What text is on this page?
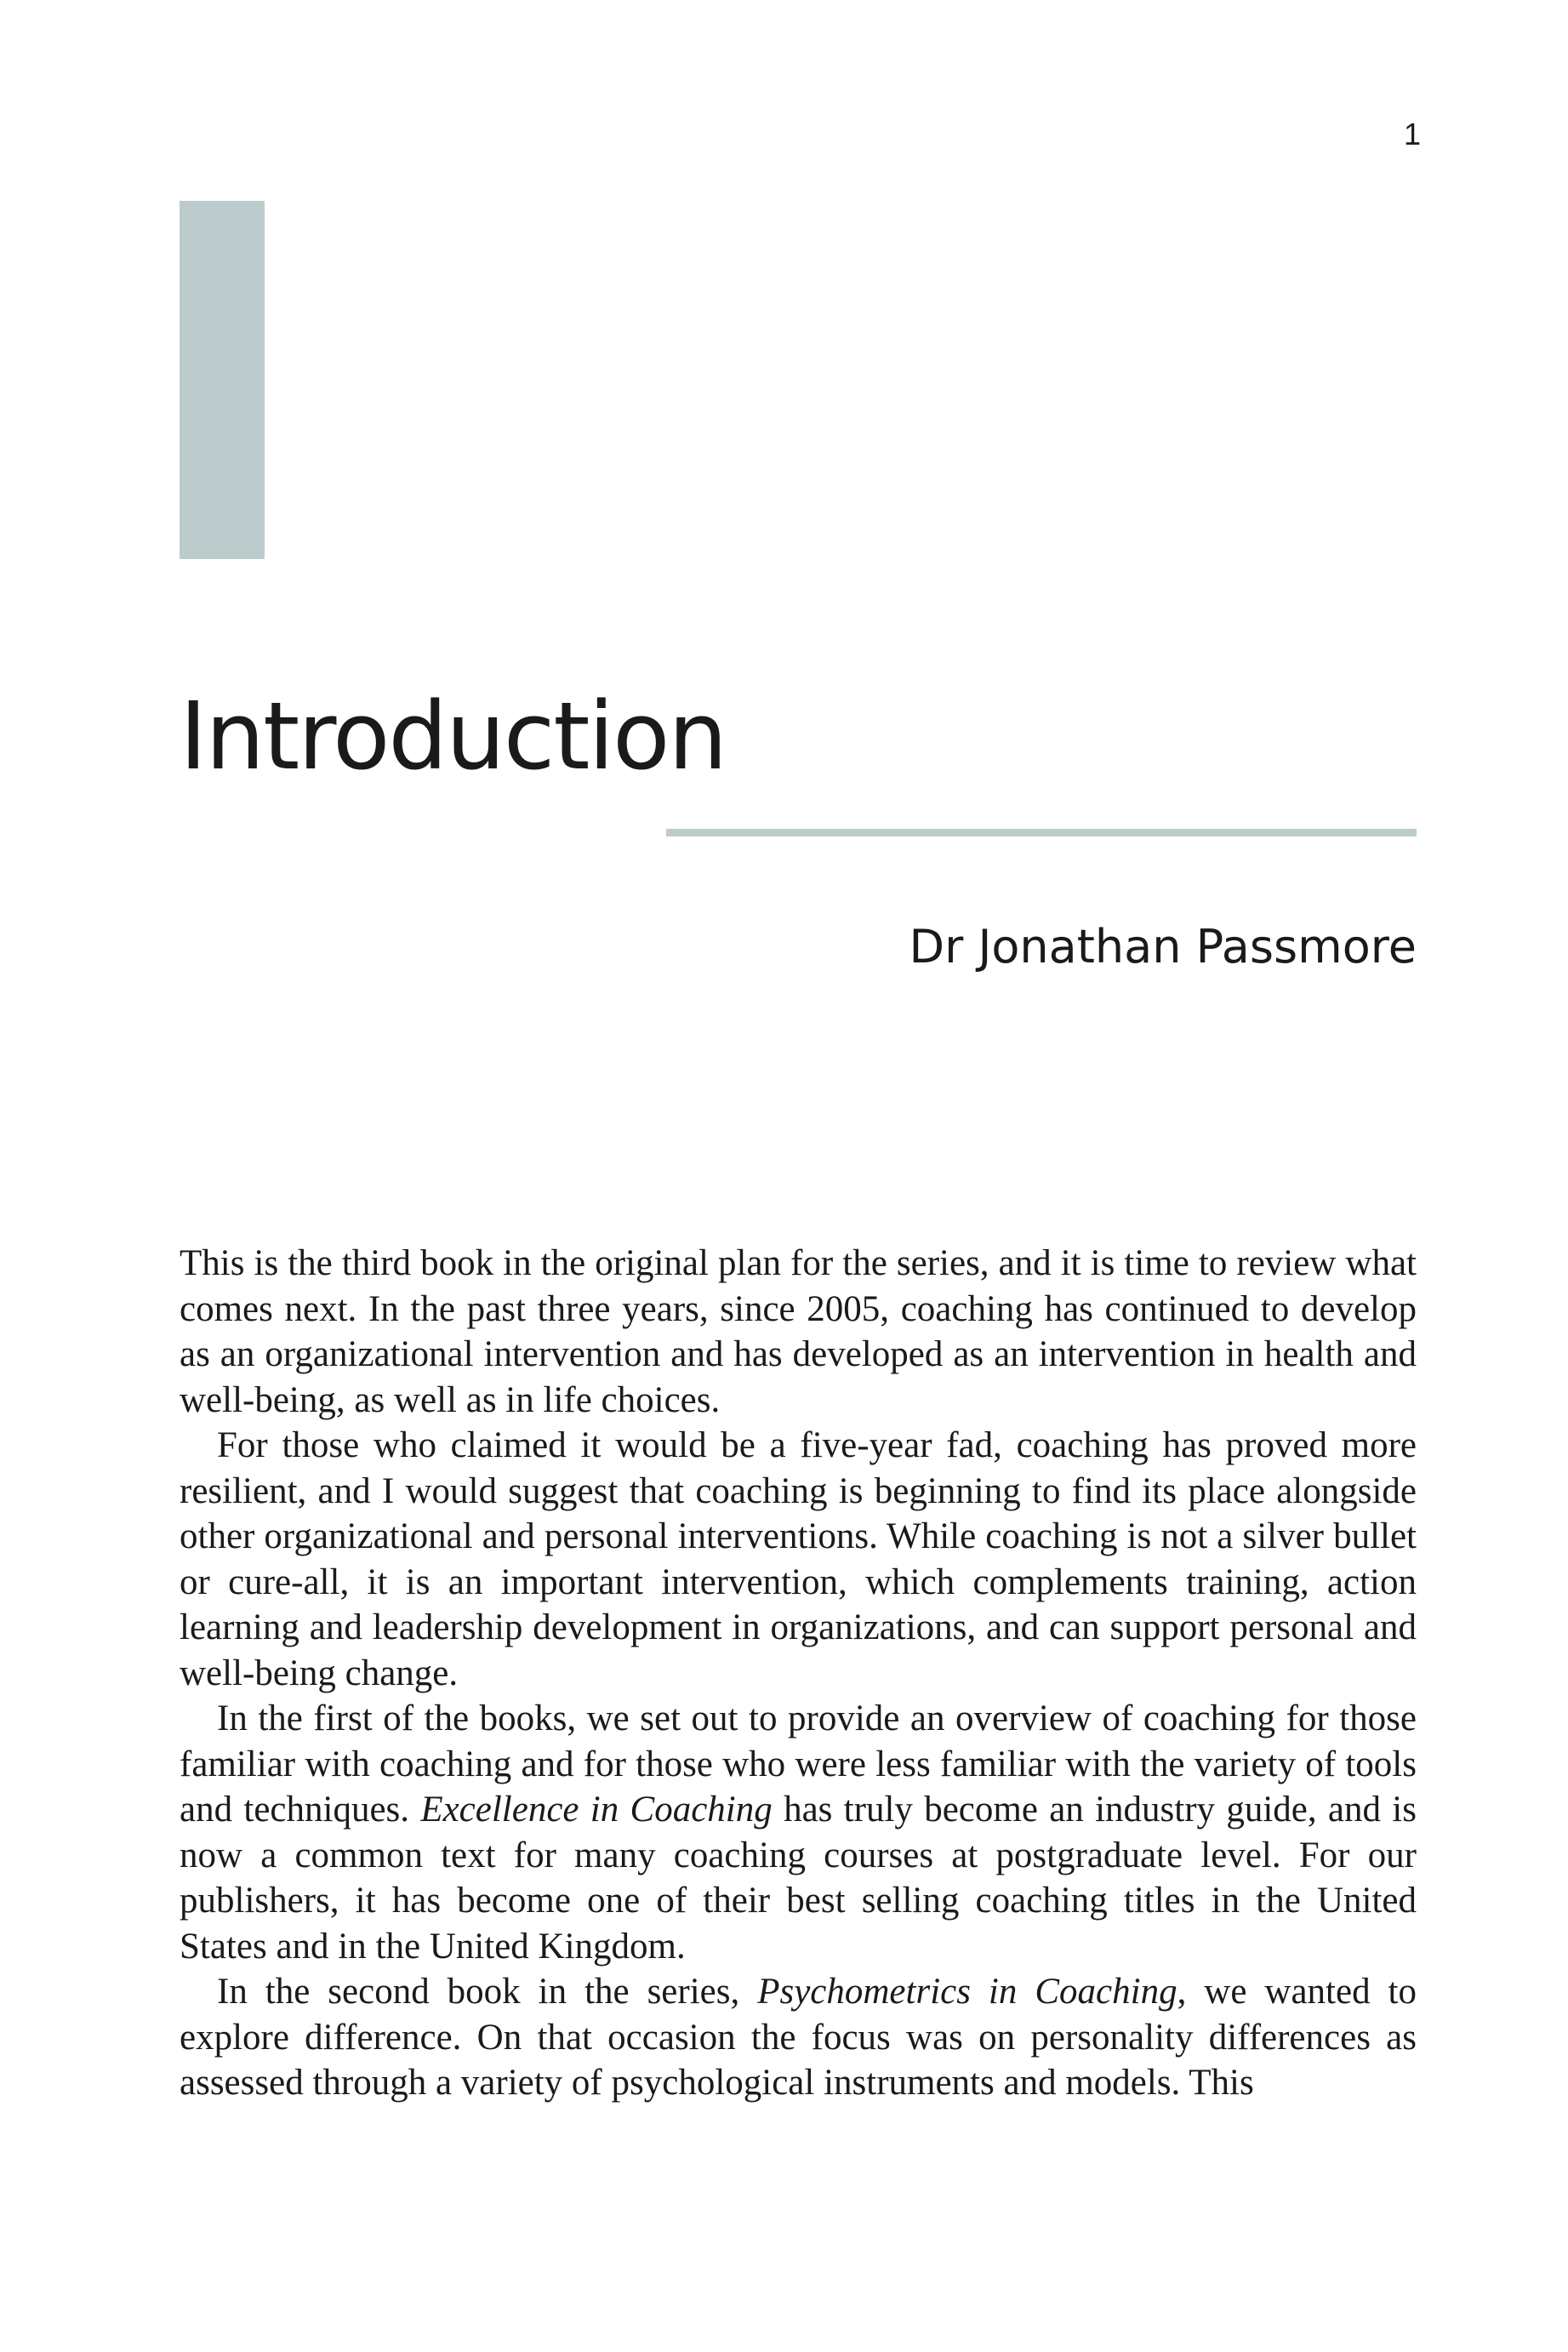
1
Introduction
Dr Jonathan Passmore

This is the third book in the original plan for the series, and it is time to review what comes next. In the past three years, since 2005, coaching has continued to develop as an organizational intervention and has developed as an intervention in health and well-being, as well as in life choices.

For those who claimed it would be a five-year fad, coaching has proved more resilient, and I would suggest that coaching is beginning to find its place alongside other organizational and personal interventions. While coaching is not a silver bullet or cure-all, it is an important intervention, which complements training, action learning and leadership development in organizations, and can support personal and well-being change.

In the first of the books, we set out to provide an overview of coaching for those familiar with coaching and for those who were less familiar with the variety of tools and techniques. Excellence in Coaching has truly become an industry guide, and is now a common text for many coaching courses at postgraduate level. For our publishers, it has become one of their best selling coaching titles in the United States and in the United Kingdom.

In the second book in the series, Psychometrics in Coaching, we wanted to explore difference. On that occasion the focus was on personality differences as assessed through a variety of psychological instruments and models. This
